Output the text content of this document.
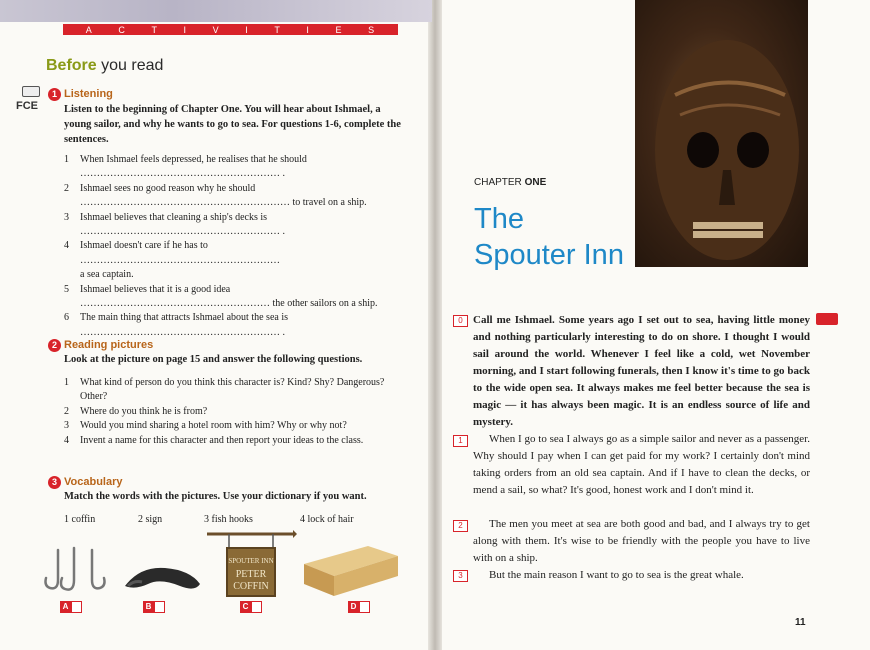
A	C	T	I	V	I	T	I	E	S
Before you read
FCE
1 Listening
Listen to the beginning of Chapter One. You will hear about Ishmael, a young sailor, and why he wants to go to sea. For questions 1-6, complete the sentences.
1	When Ishmael feels depressed, he realises that he should
…………………………………………………… .
2	Ishmael sees no good reason why he should
……………………………………………………… to travel on a ship.
3	Ishmael believes that cleaning a ship's decks is
…………………………………………………… .
4	Ishmael doesn't care if he has to ……………………………………………………
a sea captain.
5	Ishmael believes that it is a good idea
………………………………………………… the other sailors on a ship.
6	The main thing that attracts Ishmael about the sea is
…………………………………………………… .
2 Reading pictures
Look at the picture on page 15 and answer the following questions.
1	What kind of person do you think this character is? Kind? Shy? Dangerous? Other?
2	Where do you think he is from?
3	Would you mind sharing a hotel room with him? Why or why not?
4	Invent a name for this character and then report your ideas to the class.
3 Vocabulary
Match the words with the pictures. Use your dictionary if you want.
1 coffin	2 sign	3 fish hooks	4 lock of hair
SPOUTER INN
PETER
COFFIN
A	B	C	D
CHAPTER ONE
The
Spouter Inn
0 Call me Ishmael. Some years ago I set out to sea, having little money and nothing particularly interesting to do on shore. I thought I would sail around the world. Whenever I feel like a cold, wet November morning, and I start following funerals, then I know it's time to go back to the wide open sea. It always makes me feel better because the sea is magic — it has always been magic. It is an endless source of life and mystery.
1	When I go to sea I always go as a simple sailor and never as a passenger. Why should I pay when I can get paid for my work? I certainly don't mind taking orders from an old sea captain. And if I have to clean the decks, or mend a sail, so what? It's good, honest work and I don't mind it.
2	The men you meet at sea are both good and bad, and I always try to get along with them. It's wise to be friendly with the people you have to live with on a ship.
3	But the main reason I want to go to sea is the great whale.
11
